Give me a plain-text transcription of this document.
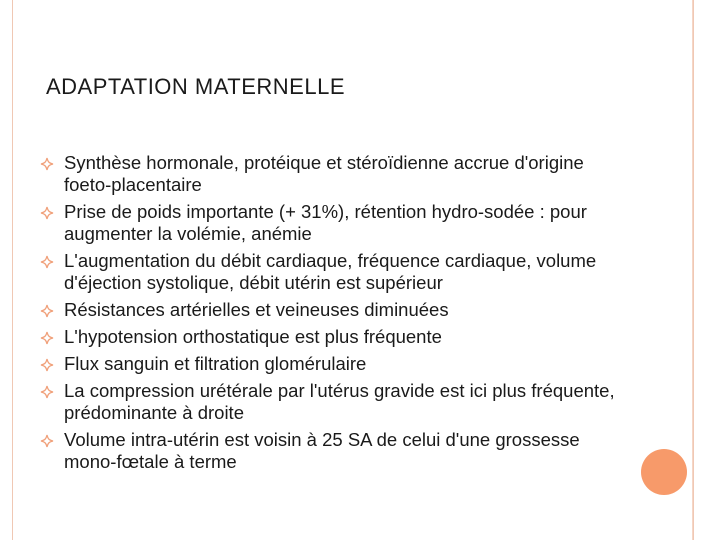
ADAPTATION MATERNELLE
Synthèse hormonale, protéique et stéroïdienne accrue d'origine foeto-placentaire
Prise de poids importante (+ 31%), rétention hydro-sodée : pour augmenter la volémie, anémie
L'augmentation du débit cardiaque, fréquence cardiaque, volume d'éjection systolique, débit utérin est supérieur
Résistances artérielles et veineuses diminuées
L'hypotension orthostatique est plus fréquente
Flux sanguin et filtration glomérulaire
La compression urétérale par l'utérus gravide est ici plus fréquente, prédominante à droite
Volume intra-utérin est voisin à 25 SA de celui d'une grossesse mono-fœtale à terme
